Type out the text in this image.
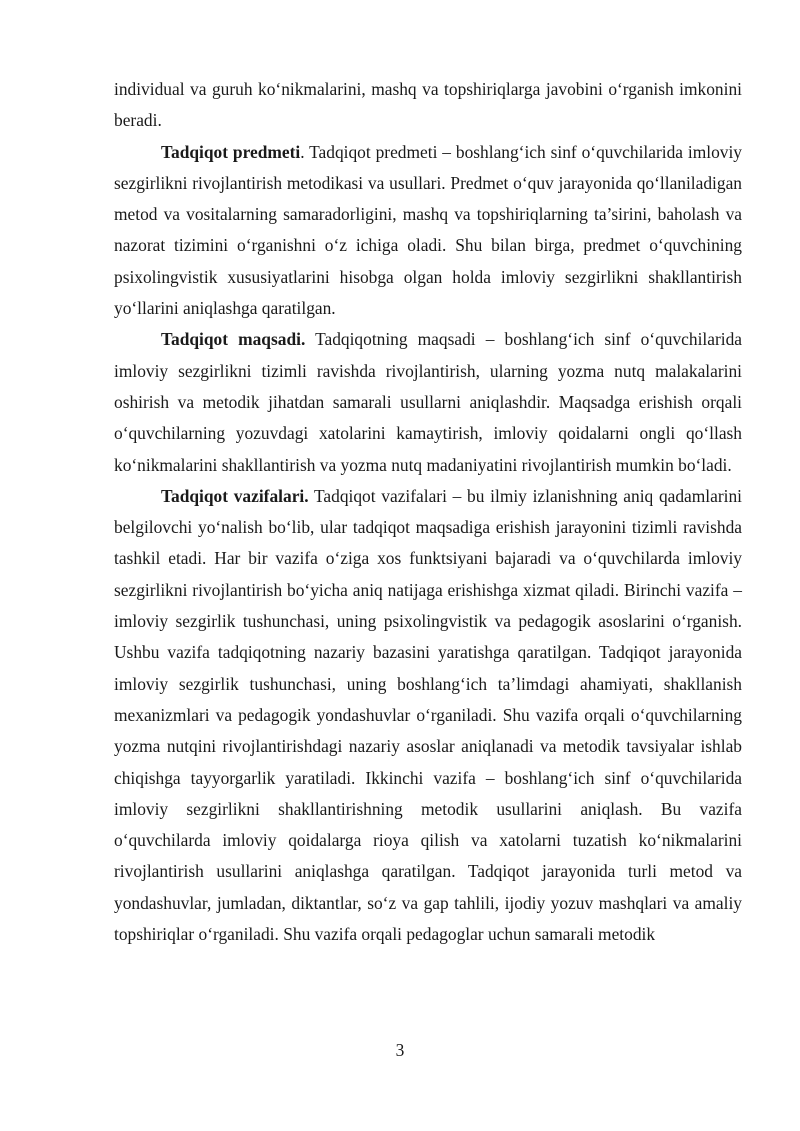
individual va guruh ko‘nikmalarini, mashq va topshiriqlarga javobini o‘rganish imkonini beradi.

Tadqiqot predmeti. Tadqiqot predmeti – boshlang‘ich sinf o‘quvchilarida imloviy sezgirlikni rivojlantirish metodikasi va usullari. Predmet o‘quv jarayonida qo‘llaniladigan metod va vositalarning samaradorligini, mashq va topshiriqlarning ta’sirini, baholash va nazorat tizimini o‘rganishni o‘z ichiga oladi. Shu bilan birga, predmet o‘quvchining psixolingvistik xususiyatlarini hisobga olgan holda imloviy sezgirlikni shakllantirish yo‘llarini aniqlashga qaratilgan.

Tadqiqot maqsadi. Tadqiqotning maqsadi – boshlang‘ich sinf o‘quvchilarida imloviy sezgirlikni tizimli ravishda rivojlantirish, ularning yozma nutq malakalarini oshirish va metodik jihatdan samarali usullarni aniqlashdir. Maqsadga erishish orqali o‘quvchilarning yozuvdagi xatolarini kamaytirish, imloviy qoidalarni ongli qo‘llash ko‘nikmalarini shakllantirish va yozma nutq madaniyatini rivojlantirish mumkin bo‘ladi.

Tadqiqot vazifalari. Tadqiqot vazifalari – bu ilmiy izlanishning aniq qadamlarini belgilovchi yo‘nalish bo‘lib, ular tadqiqot maqsadiga erishish jarayonini tizimli ravishda tashkil etadi. Har bir vazifa o‘ziga xos funktsiyani bajaradi va o‘quvchilarda imloviy sezgirlikni rivojlantirish bo‘yicha aniq natijaga erishishga xizmat qiladi. Birinchi vazifa – imloviy sezgirlik tushunchasi, uning psixolingvistik va pedagogik asoslarini o‘rganish. Ushbu vazifa tadqiqotning nazariy bazasini yaratishga qaratilgan. Tadqiqot jarayonida imloviy sezgirlik tushunchasi, uning boshlang‘ich ta’limdagi ahamiyati, shakllanish mexanizmlari va pedagogik yondashuvlar o‘rganiladi. Shu vazifa orqali o‘quvchilarning yozma nutqini rivojlantirishdagi nazariy asoslar aniqlanadi va metodik tavsiyalar ishlab chiqishga tayyorgarlik yaratiladi. Ikkinchi vazifa – boshlang‘ich sinf o‘quvchilarida imloviy sezgirlikni shakllantirishning metodik usullarini aniqlash. Bu vazifa o‘quvchilarda imloviy qoidalarga rioya qilish va xatolarni tuzatish ko‘nikmalarini rivojlantirish usullarini aniqlashga qaratilgan. Tadqiqot jarayonida turli metod va yondashuvlar, jumladan, diktantlar, so‘z va gap tahlili, ijodiy yozuv mashqlari va amaliy topshiriqlar o‘rganiladi. Shu vazifa orqali pedagoglar uchun samarali metodik

3
